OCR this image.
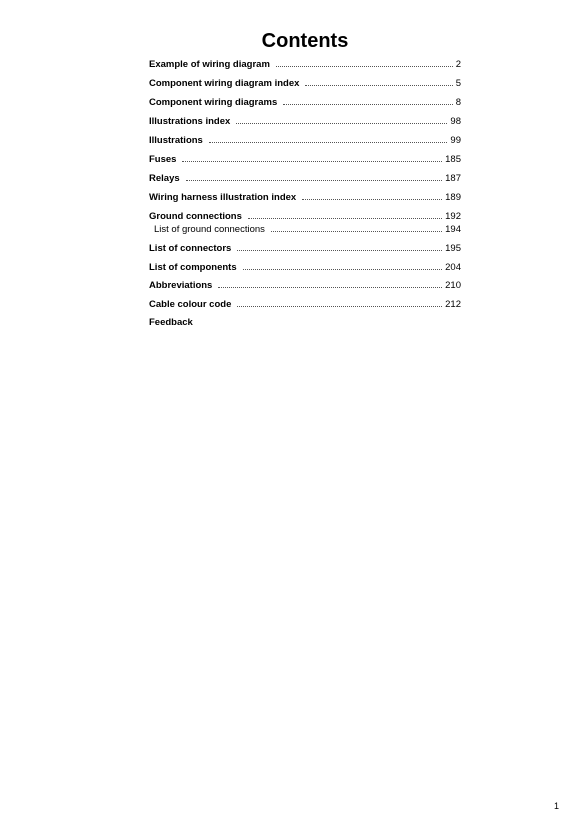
Contents
Example of wiring diagram	2
Component wiring diagram index	5
Component wiring diagrams	8
Illustrations index	98
Illustrations	99
Fuses	185
Relays	187
Wiring harness illustration index	189
Ground connections	192
List of ground connections	194
List of connectors	195
List of components	204
Abbreviations	210
Cable colour code	212
Feedback
1
